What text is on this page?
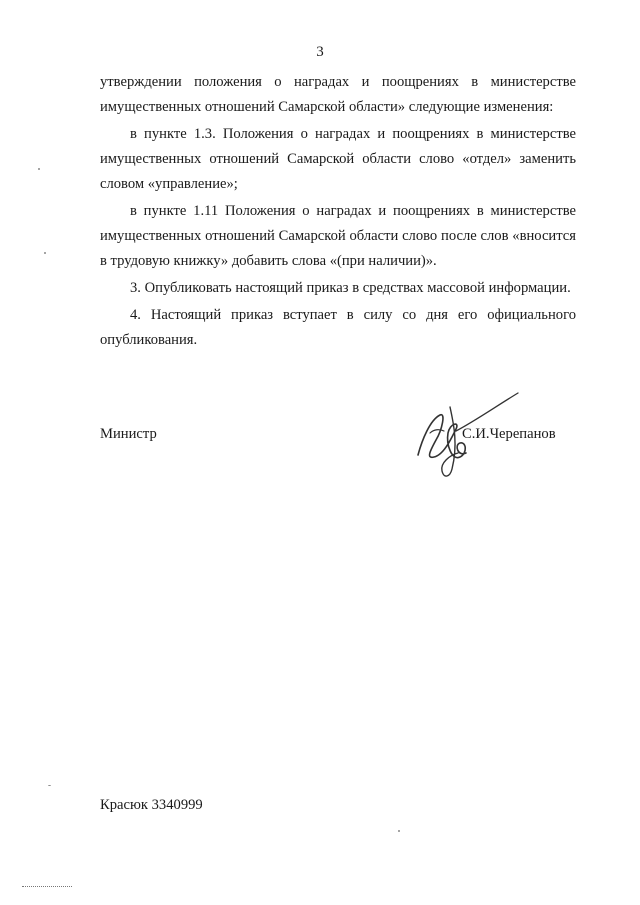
3

утверждении положения о наградах и поощрениях в министерстве имущественных отношений Самарской области» следующие изменения:

в пункте 1.3. Положения о наградах и поощрениях в министерстве имущественных отношений Самарской области слово «отдел» заменить словом «управление»;

в пункте 1.11 Положения о наградах и поощрениях в министерстве имущественных отношений Самарской области слово после слов «вносится в трудовую книжку» добавить слова «(при наличии)».

3. Опубликовать настоящий приказ в средствах массовой информации.

4. Настоящий приказ вступает в силу со дня его официального опубликования.

Министр	С.И.Черепанов
Красюк 3340999
